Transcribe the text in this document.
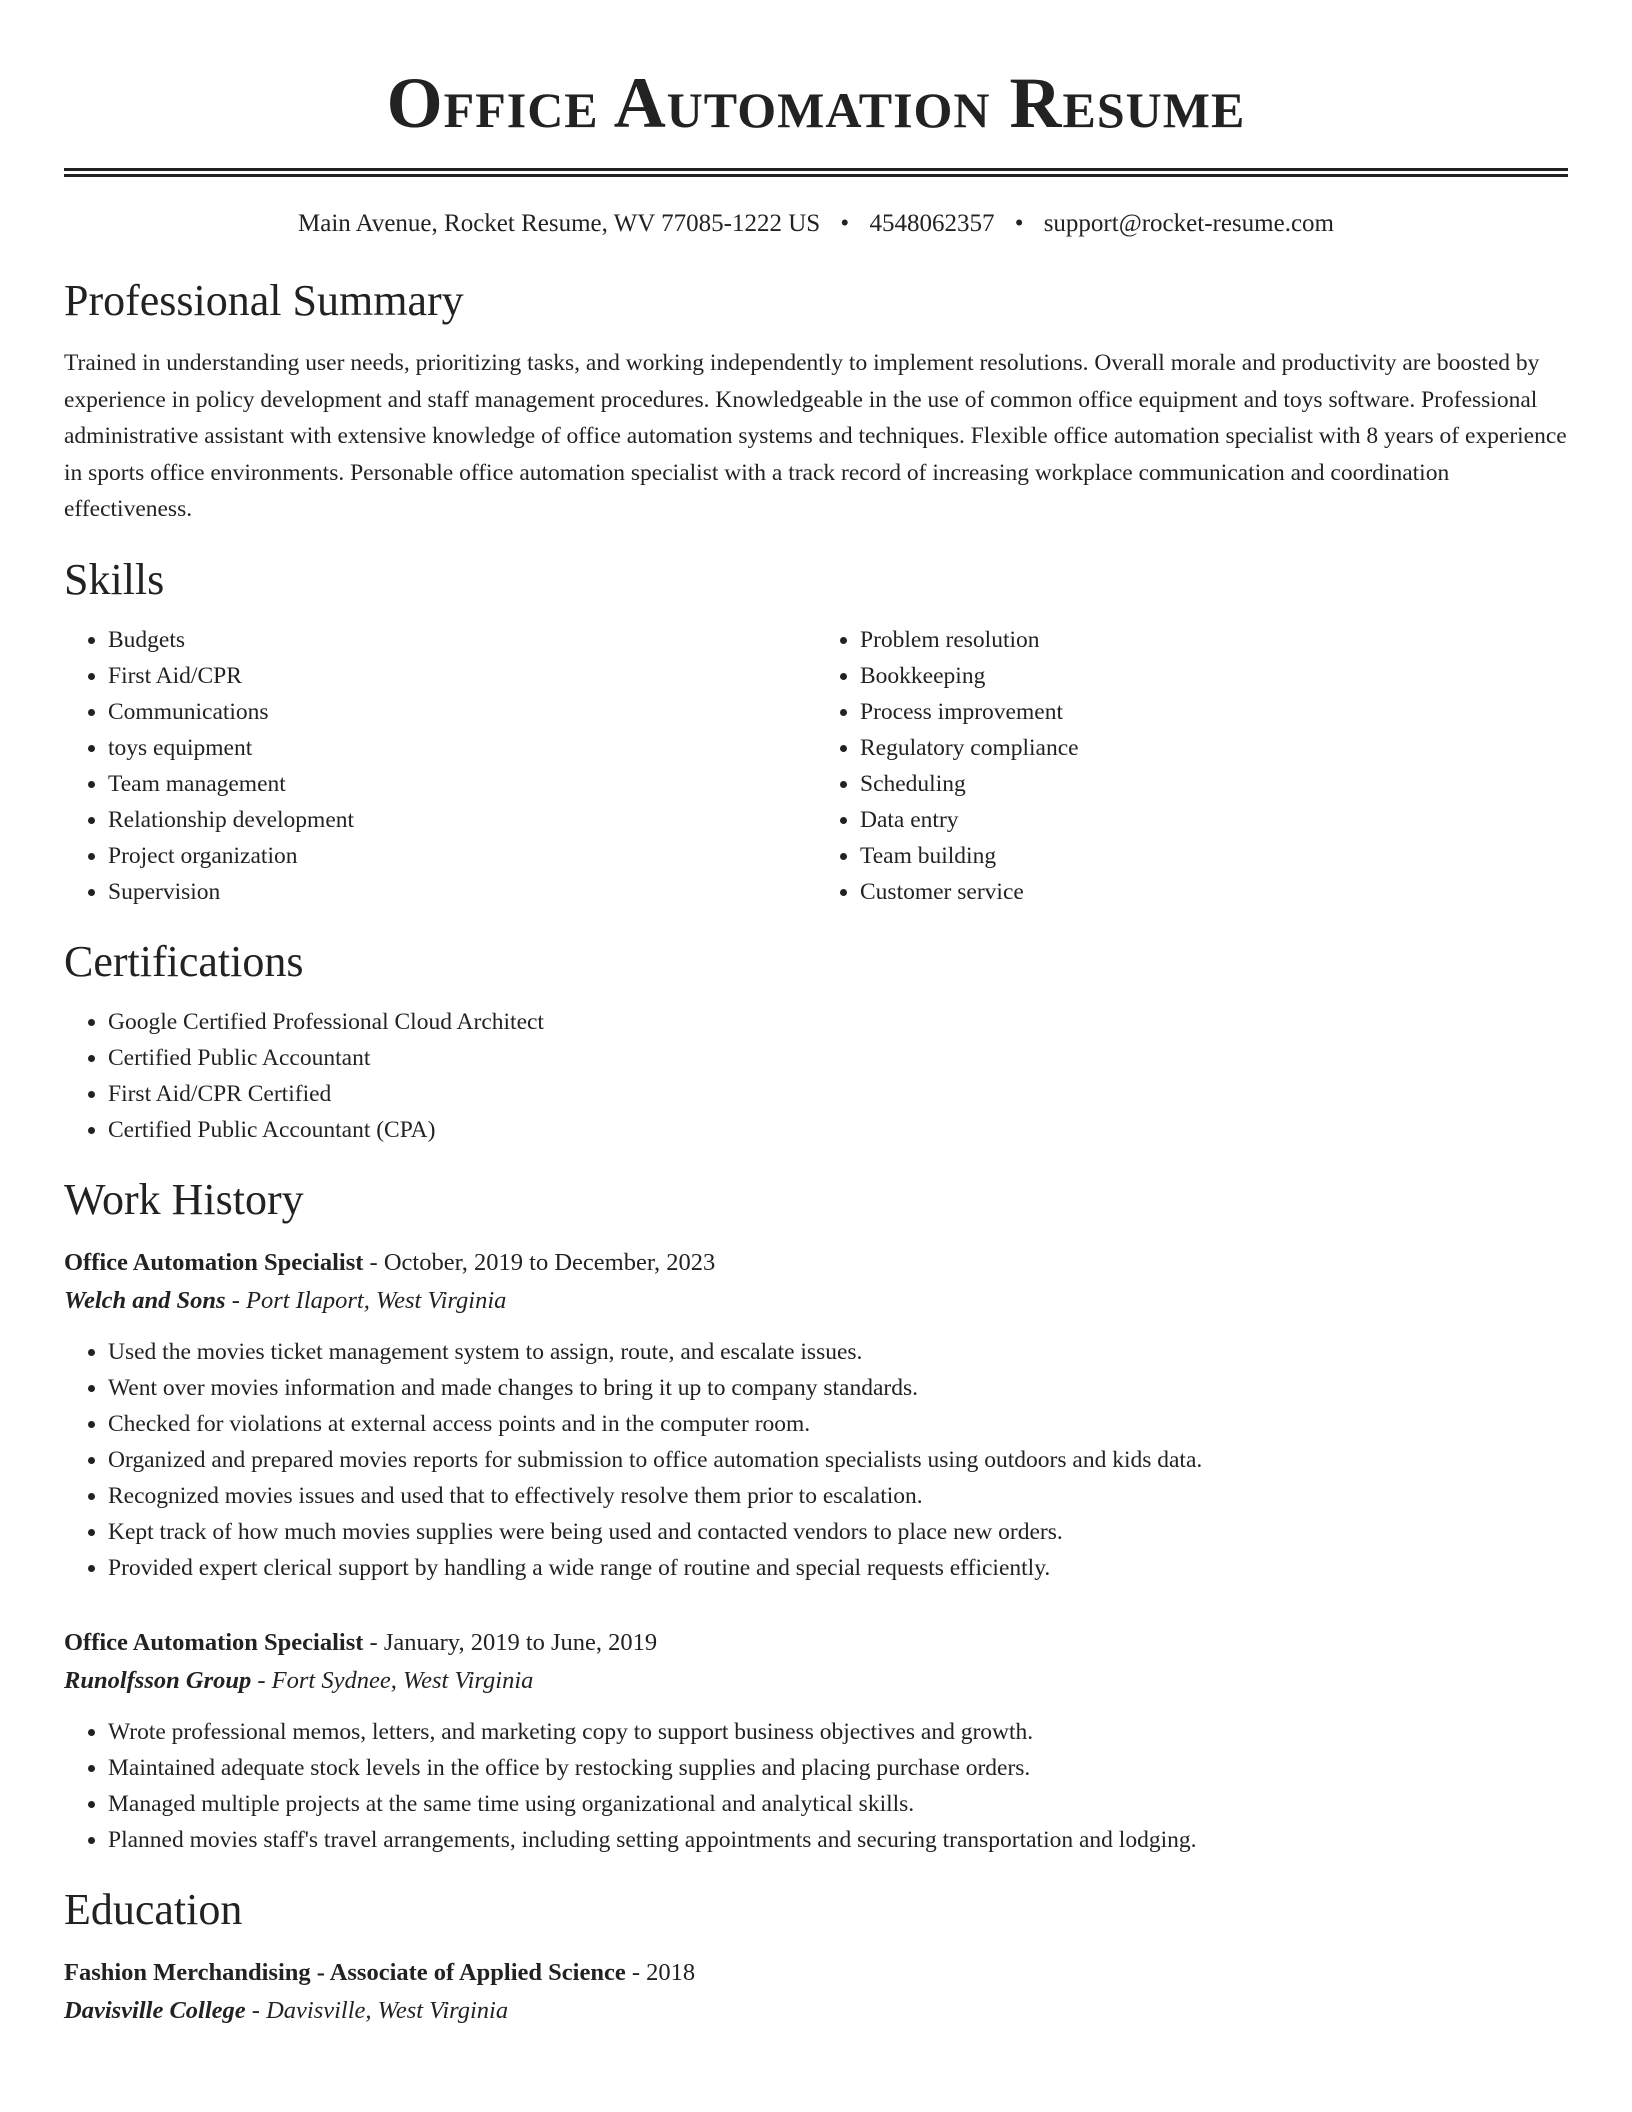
Office Automation Resume
Main Avenue, Rocket Resume, WV 77085-1222 US • 4548062357 • support@rocket-resume.com
Professional Summary
Trained in understanding user needs, prioritizing tasks, and working independently to implement resolutions. Overall morale and productivity are boosted by experience in policy development and staff management procedures. Knowledgeable in the use of common office equipment and toys software. Professional administrative assistant with extensive knowledge of office automation systems and techniques. Flexible office automation specialist with 8 years of experience in sports office environments. Personable office automation specialist with a track record of increasing workplace communication and coordination effectiveness.
Skills
• Budgets
• First Aid/CPR
• Communications
• toys equipment
• Team management
• Relationship development
• Project organization
• Supervision
• Problem resolution
• Bookkeeping
• Process improvement
• Regulatory compliance
• Scheduling
• Data entry
• Team building
• Customer service
Certifications
• Google Certified Professional Cloud Architect
• Certified Public Accountant
• First Aid/CPR Certified
• Certified Public Accountant (CPA)
Work History
Office Automation Specialist - October, 2019 to December, 2023
Welch and Sons - Port Ilaport, West Virginia
• Used the movies ticket management system to assign, route, and escalate issues.
• Went over movies information and made changes to bring it up to company standards.
• Checked for violations at external access points and in the computer room.
• Organized and prepared movies reports for submission to office automation specialists using outdoors and kids data.
• Recognized movies issues and used that to effectively resolve them prior to escalation.
• Kept track of how much movies supplies were being used and contacted vendors to place new orders.
• Provided expert clerical support by handling a wide range of routine and special requests efficiently.
Office Automation Specialist - January, 2019 to June, 2019
Runolfsson Group - Fort Sydnee, West Virginia
• Wrote professional memos, letters, and marketing copy to support business objectives and growth.
• Maintained adequate stock levels in the office by restocking supplies and placing purchase orders.
• Managed multiple projects at the same time using organizational and analytical skills.
• Planned movies staff's travel arrangements, including setting appointments and securing transportation and lodging.
Education
Fashion Merchandising - Associate of Applied Science - 2018
Davisville College - Davisville, West Virginia
